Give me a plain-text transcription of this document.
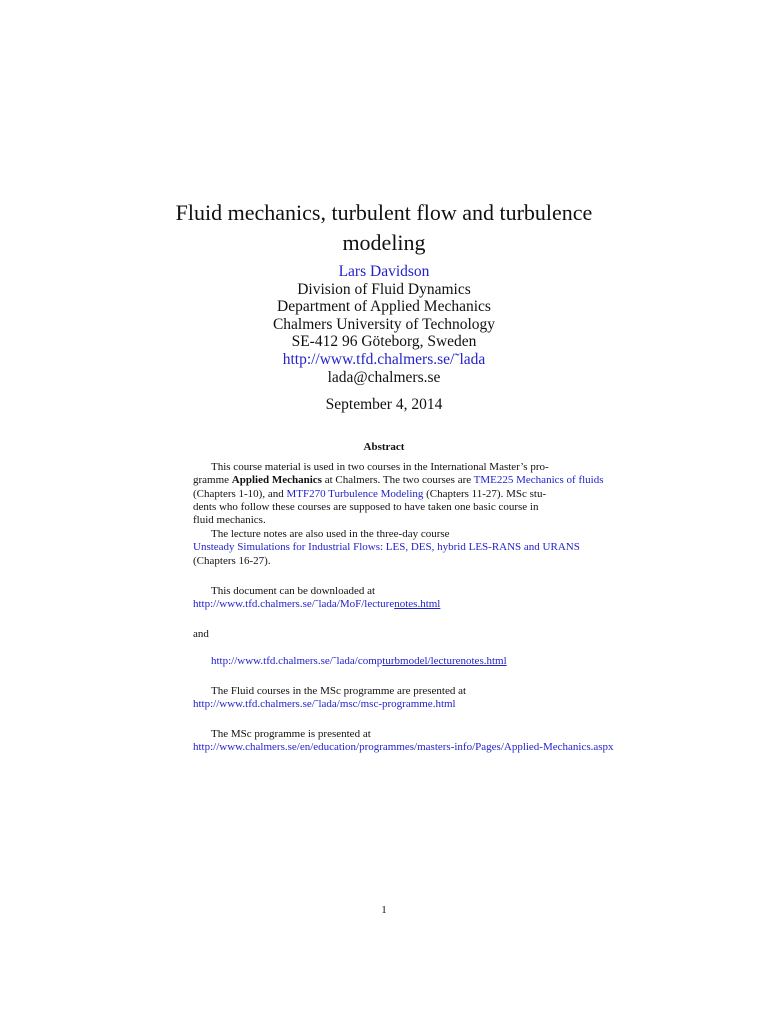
Fluid mechanics, turbulent flow and turbulence
modeling
Lars Davidson
Division of Fluid Dynamics
Department of Applied Mechanics
Chalmers University of Technology
SE-412 96 Göteborg, Sweden
http://www.tfd.chalmers.se/˜lada
lada@chalmers.se
September 4, 2014
Abstract
This course material is used in two courses in the International Master’s pro-
gramme Applied Mechanics at Chalmers. The two courses are TME225 Mechanics of fluids
(Chapters 1-10), and MTF270 Turbulence Modeling (Chapters 11-27). MSc stu-
dents who follow these courses are supposed to have taken one basic course in
fluid mechanics.
The lecture notes are also used in the three-day course
Unsteady Simulations for Industrial Flows: LES, DES, hybrid LES-RANS and URANS
(Chapters 16-27).
This document can be downloaded at
http://www.tfd.chalmers.se/˜lada/MoF/lecturenotes.html
and
http://www.tfd.chalmers.se/˜lada/compturbmodel/lecturenotes.html
The Fluid courses in the MSc programme are presented at
http://www.tfd.chalmers.se/˜lada/msc/msc-programme.html
The MSc programme is presented at
http://www.chalmers.se/en/education/programmes/masters-info/Pages/Applied-Mechanics.aspx
1
